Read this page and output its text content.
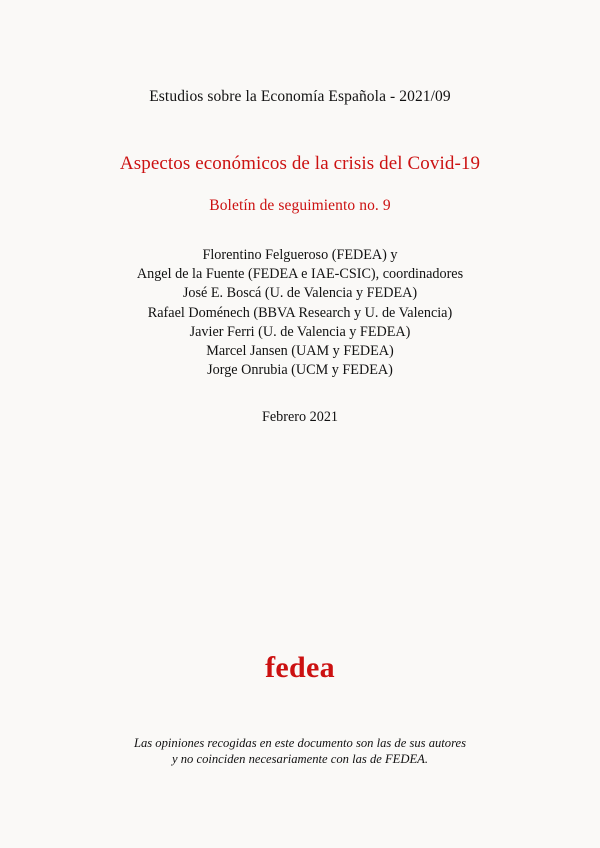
Estudios sobre la Economía Española - 2021/09
Aspectos económicos de la crisis del Covid-19
Boletín de seguimiento no. 9
Florentino Felgueroso (FEDEA) y
Angel de la Fuente (FEDEA e IAE-CSIC), coordinadores
José E. Boscá (U. de Valencia y FEDEA)
Rafael Doménech (BBVA Research y U. de Valencia)
Javier Ferri (U. de Valencia y FEDEA)
Marcel Jansen (UAM y FEDEA)
Jorge Onrubia (UCM y FEDEA)
Febrero 2021
fedea
Las opiniones recogidas en este documento son las de sus autores
y no coinciden necesariamente con las de FEDEA.
